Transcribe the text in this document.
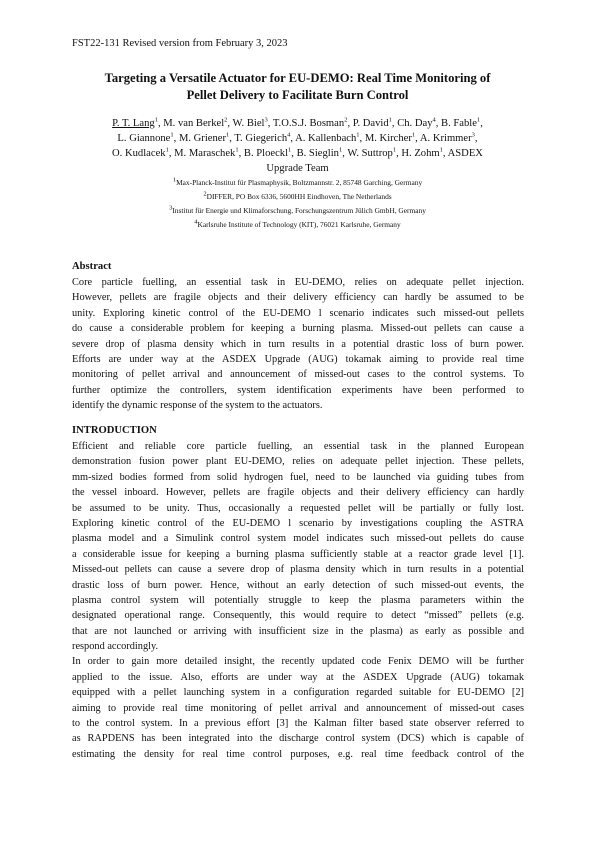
FST22-131 Revised version from February 3, 2023
Targeting a Versatile Actuator for EU-DEMO: Real Time Monitoring of
Pellet Delivery to Facilitate Burn Control
P. T. Lang$^1$, M. van Berkel$^2$, W. Biel$^3$, T.O.S.J. Bosman$^2$, P. David$^1$, Ch. Day$^4$, B. Fable$^1$,
L. Giannone$^1$, M. Griener$^1$, T. Giegerich$^4$, A. Kallenbach$^1$, M. Kircher$^1$, A. Krimmer$^3$,
O. Kudlacek$^1$, M. Maraschek$^1$, B. Ploeckl$^1$, B. Sieglin$^1$, W. Suttrop$^1$, H. Zohm$^1$, ASDEX
Upgrade Team
$^1$Max-Planck-Institut für Plasmaphysik, Boltzmannstr. 2, 85748 Garching, Germany
$^2$DIFFER, PO Box 6336, 5600HH Eindhoven, The Netherlands
$^3$Institut für Energie und Klimaforschung, Forschungszentrum Jülich GmbH, Germany
$^4$Karlsruhe Institute of Technology (KIT), 76021 Karlsruhe, Germany
Abstract
Core particle fuelling, an essential task in EU-DEMO, relies on adequate pellet injection.
However, pellets are fragile objects and their delivery efficiency can hardly be assumed to be
unity. Exploring kinetic control of the EU-DEMO l scenario indicates such missed-out pellets
do cause a considerable problem for keeping a burning plasma. Missed-out pellets can cause a
severe drop of plasma density which in turn results in a potential drastic loss of burn power.
Efforts are under way at the ASDEX Upgrade (AUG) tokamak aiming to provide real time
monitoring of pellet arrival and announcement of missed-out cases to the control systems. To
further optimize the controllers, system identification experiments have been performed to
identify the dynamic response of the system to the actuators.
INTRODUCTION
Efficient and reliable core particle fuelling, an essential task in the planned European
demonstration fusion power plant EU-DEMO, relies on adequate pellet injection. These pellets,
mm-sized bodies formed from solid hydrogen fuel, need to be launched via guiding tubes from
the vessel inboard. However, pellets are fragile objects and their delivery efficiency can hardly
be assumed to be unity. Thus, occasionally a requested pellet will be partially or fully lost.
Exploring kinetic control of the EU-DEMO l scenario by investigations coupling the ASTRA
plasma model and a Simulink control system model indicates such missed-out pellets do cause
a considerable issue for keeping a burning plasma sufficiently stable at a reactor grade level [1].
Missed-out pellets can cause a severe drop of plasma density which in turn results in a potential
drastic loss of burn power. Hence, without an early detection of such missed-out events, the
plasma control system will potentially struggle to keep the plasma parameters within the
designated operational range. Consequently, this would require to detect “missed” pellets (e.g.
that are not launched or arriving with insufficient size in the plasma) as early as possible and
respond accordingly.
In order to gain more detailed insight, the recently updated code Fenix DEMO will be further
applied to the issue. Also, efforts are under way at the ASDEX Upgrade (AUG) tokamak
equipped with a pellet launching system in a configuration regarded suitable for EU-DEMO [2]
aiming to provide real time monitoring of pellet arrival and announcement of missed-out cases
to the control system. In a previous effort [3] the Kalman filter based state observer referred to
as RAPDENS has been integrated into the discharge control system (DCS) which is capable of
estimating the density for real time control purposes, e.g. real time feedback control of the
